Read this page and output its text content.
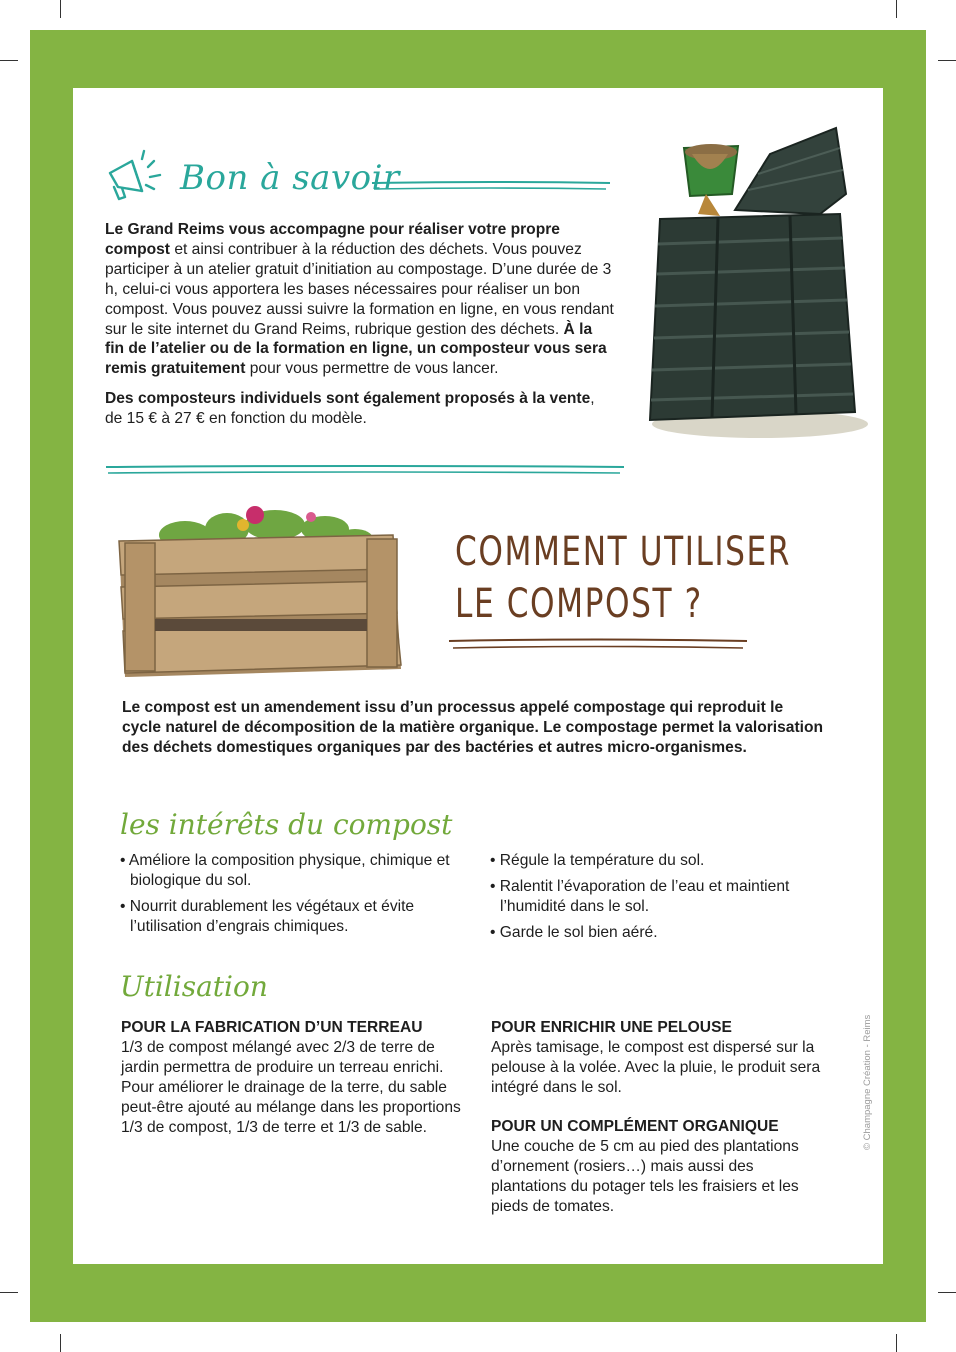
Bon à savoir

Le Grand Reims vous accompagne pour réaliser votre propre compost et ainsi contribuer à la réduction des déchets. Vous pouvez participer à un atelier gratuit d’initiation au compostage. D’une durée de 3 h, celui-ci vous apportera les bases nécessaires pour réaliser un bon compost. Vous pouvez aussi suivre la formation en ligne, en vous rendant sur le site internet du Grand Reims, rubrique gestion des déchets. À la fin de l’atelier ou de la formation en ligne, un composteur vous sera remis gratuitement pour vous permettre de vous lancer.

Des composteurs individuels sont également proposés à la vente, de 15 € à 27 € en fonction du modèle.

COMMENT UTILISER
LE COMPOST ?
Le compost est un amendement issu d’un processus appelé compostage qui reproduit le cycle naturel de décomposition de la matière organique. Le compostage permet la valorisation des déchets domestiques organiques par des bactéries et autres micro-organismes.
les intérêts du compost
• Améliore la composition physique, chimique et biologique du sol.
• Nourrit durablement les végétaux et évite l’utilisation d’engrais chimiques.
• Régule la température du sol.
• Ralentit l’évaporation de l’eau et maintient l’humidité dans le sol.
• Garde le sol bien aéré.
Utilisation
POUR LA FABRICATION D’UN TERREAU
1/3 de compost mélangé avec 2/3 de terre de jardin permettra de produire un terreau enrichi. Pour améliorer le drainage de la terre, du sable peut-être ajouté au mélange dans les proportions 1/3 de compost, 1/3 de terre et 1/3 de sable.
POUR ENRICHIR UNE PELOUSE
Après tamisage, le compost est dispersé sur la pelouse à la volée. Avec la pluie, le produit sera intégré dans le sol.
POUR UN COMPLÉMENT ORGANIQUE
Une couche de 5 cm au pied des plantations d’ornement (rosiers…) mais aussi des plantations du potager tels les fraisiers et les pieds de tomates.
© Champagne Création - Reims
